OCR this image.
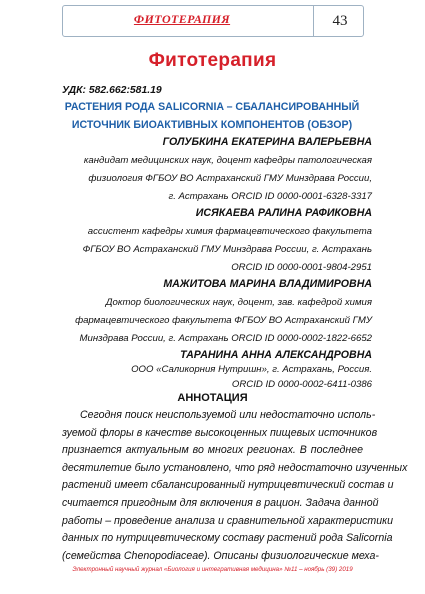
ФИТОТЕРАПИЯ	43
Фитотерапия
УДК: 582.662:581.19
РАСТЕНИЯ РОДА SALICORNIA – СБАЛАНСИРОВАННЫЙ
ИСТОЧНИК БИОАКТИВНЫХ КОМПОНЕНТОВ (ОБЗОР)
ГОЛУБКИНА ЕКАТЕРИНА ВАЛЕРЬЕВНА
кандидат медицинских наук, доцент кафедры патологическая
физиология ФГБОУ ВО Астраханский ГМУ Минздрава России,
г. Астрахань ORCID ID 0000-0001-6328-3317
ИСЯКАЕВА РАЛИНА РАФИКОВНА
ассистент кафедры химия фармацевтического факультета
ФГБОУ ВО Астраханский ГМУ Минздрава России, г. Астрахань
ORCID ID 0000-0001-9804-2951
МАЖИТОВА МАРИНА ВЛАДИМИРОВНА
Доктор биологических наук, доцент, зав. кафедрой химия
фармацевтического факультета ФГБОУ ВО Астраханский ГМУ
Минздрава России, г. Астрахань ORCID ID 0000-0002-1822-6652
ТАРАНИНА АННА АЛЕКСАНДРОВНА
ООО «Саликорния Нутришн», г. Астрахань, Россия.
АННОТАЦИЯ
Сегодня поиск неиспользуемой или недостаточно исполь-
зуемой флоры в качестве высокоценных пищевых источников
признается актуальным во многих регионах. В последнее
десятилетие было установлено, что ряд недостаточно изученных
растений имеет сбалансированный нутрицевтический состав и
считается пригодным для включения в рацион. Задача данной
работы – проведение анализа и сравнительной характеристики
данных по нутрицевтическому составу растений рода Salicornia
Электронный научный журнал «Биология и интегративная медицина» №11 – ноябрь (39) 2019
ORCID ID 0000-0002-6411-0386
(семейства Chenopodiaceae). Описаны физиологические меха-
